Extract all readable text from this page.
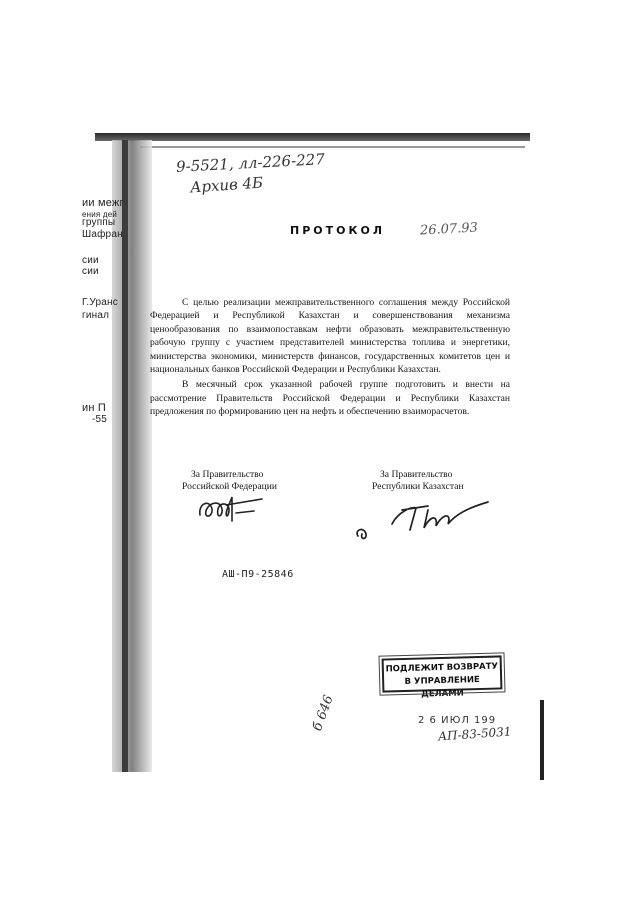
ии межг
ения дей
группы
Шафран
сии
сии
Г.Уранс
гинал
ин П
-55
9-5521, лл-226-227
Архив 4Б
26.07.93
ПРОТОКОЛ

С целью реализации межправительственного соглашения между Российской Федерацией и Республикой Казахстан и совершенствования механизма ценообразования по взаимопоставкам нефти образовать межправительственную рабочую группу с участием представителей министерства топлива и энергетики, министерства экономики, министерств финансов, государственных комитетов цен и национальных банков Российской Федерации и Республики Казахстан.

В месячный срок указанной рабочей группе подготовить и внести на рассмотрение Правительств Российской Федерации и Республики Казахстан предложения по формированию цен на нефть и обеспечению взаиморасчетов.

За Правительство
Российской Федерации
За Правительство
Республики Казахстан
АШ-П9-25846
ПОДЛЕЖИТ ВОЗВРАТУ
В УПРАВЛЕНИЕ ДЕЛАМИ
б 646	2 6 ИЮЛ 199
АП-83-5031
